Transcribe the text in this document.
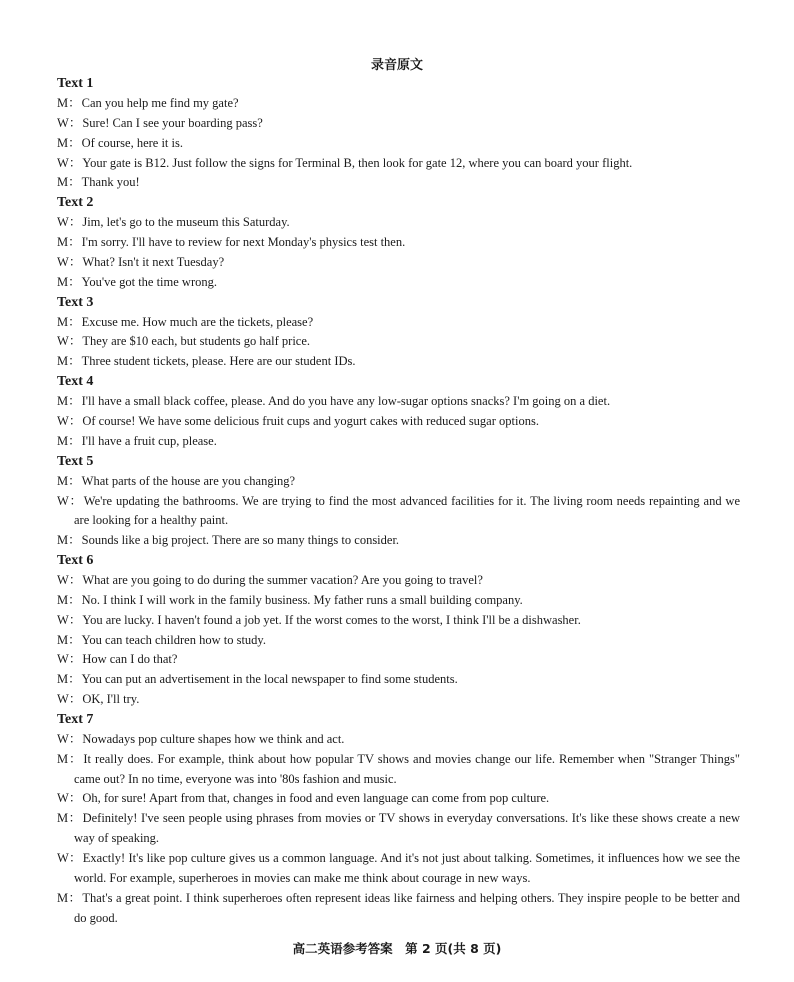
录音原文
Text 1
M：Can you help me find my gate?
W：Sure! Can I see your boarding pass?
M：Of course, here it is.
W：Your gate is B12. Just follow the signs for Terminal B, then look for gate 12, where you can board your flight.
M：Thank you!
Text 2
W：Jim, let's go to the museum this Saturday.
M：I'm sorry. I'll have to review for next Monday's physics test then.
W：What? Isn't it next Tuesday?
M：You've got the time wrong.
Text 3
M：Excuse me. How much are the tickets, please?
W：They are $10 each, but students go half price.
M：Three student tickets, please. Here are our student IDs.
Text 4
M：I'll have a small black coffee, please. And do you have any low-sugar options snacks? I'm going on a diet.
W：Of course! We have some delicious fruit cups and yogurt cakes with reduced sugar options.
M：I'll have a fruit cup, please.
Text 5
M：What parts of the house are you changing?
W：We're updating the bathrooms. We are trying to find the most advanced facilities for it. The living room needs repainting and we are looking for a healthy paint.
M：Sounds like a big project. There are so many things to consider.
Text 6
W：What are you going to do during the summer vacation? Are you going to travel?
M：No. I think I will work in the family business. My father runs a small building company.
W：You are lucky. I haven't found a job yet. If the worst comes to the worst, I think I'll be a dishwasher.
M：You can teach children how to study.
W：How can I do that?
M：You can put an advertisement in the local newspaper to find some students.
W：OK, I'll try.
Text 7
W：Nowadays pop culture shapes how we think and act.
M：It really does. For example, think about how popular TV shows and movies change our life. Remember when "Stranger Things" came out? In no time, everyone was into '80s fashion and music.
W：Oh, for sure! Apart from that, changes in food and even language can come from pop culture.
M：Definitely! I've seen people using phrases from movies or TV shows in everyday conversations. It's like these shows create a new way of speaking.
W：Exactly! It's like pop culture gives us a common language. And it's not just about talking. Sometimes, it influences how we see the world. For example, superheroes in movies can make me think about courage in new ways.
M：That's a great point. I think superheroes often represent ideas like fairness and helping others. They inspire people to be better and do good.
高二英语参考答案　第 2 页(共 8 页)
